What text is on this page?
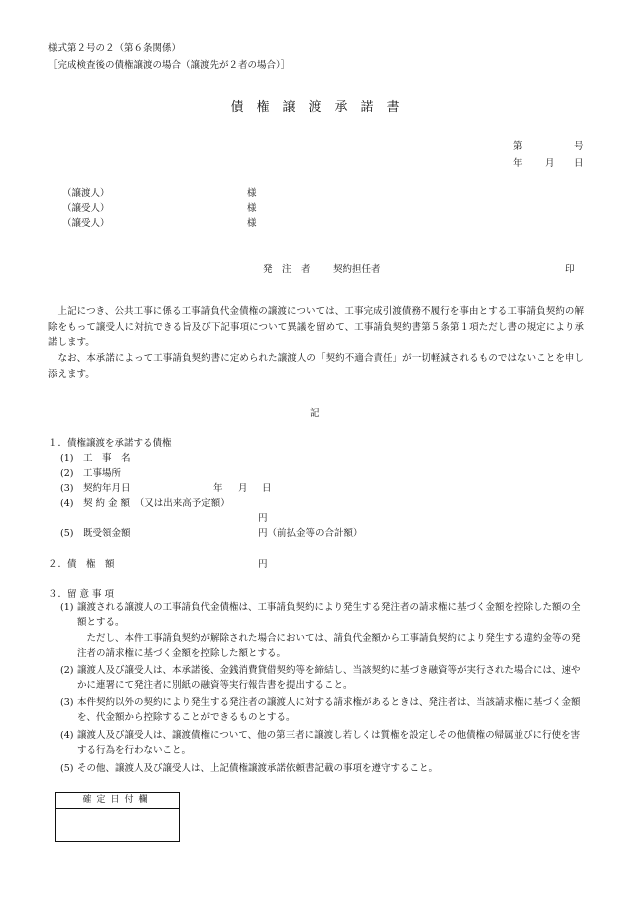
様式第２号の２（第６条関係）
［完成検査後の債権譲渡の場合（譲渡先が２者の場合）］
債　権　譲　渡　承　諾　書
第	号
年 月 日
（譲渡人）	様
（譲受人）	様
（譲受人）	様
発　注　者 契約担任者	印
上記につき、公共工事に係る工事請負代金債権の譲渡については、工事完成引渡債務不履行を事由とする工事請負契約の解除をもって譲受人に対抗できる旨及び下記事項について異議を留めて、工事請負契約書第５条第１項ただし書の規定により承諾します。
なお、本承諾によって工事請負契約書に定められた譲渡人の「契約不適合責任」が一切軽減されるものではないことを申し添えます。
記
１．債権譲渡を承諾する債権
(1)　工　事　名
(2)　工事場所
(3)　契約年月日	年 月 日
(4)　契 約 金 額　（又は出来高予定額）
円
(5)　既受領金額	円（前払金等の合計額）
２．債　権　額	円
３．留 意 事 項
(1) 譲渡される譲渡人の工事請負代金債権は、工事請負契約により発生する発注者の請求権に基づく金額を控除した額の全額とする。
ただし、本件工事請負契約が解除された場合においては、請負代金額から工事請負契約により発生する違約金等の発注者の請求権に基づく金額を控除した額とする。
(2) 譲渡人及び譲受人は、本承諾後、金銭消費貸借契約等を締結し、当該契約に基づき融資等が実行された場合には、速やかに連署にて発注者に別紙の融資等実行報告書を提出すること。
(3) 本件契約以外の契約により発生する発注者の譲渡人に対する請求権があるときは、発注者は、当該請求権に基づく金額を、代金額から控除することができるものとする。
(4) 譲渡人及び譲受人は、譲渡債権について、他の第三者に譲渡し若しくは質権を設定しその他債権の帰属並びに行使を害する行為を行わないこと。
(5) その他、譲渡人及び譲受人は、上記債権譲渡承諾依頼書記載の事項を遵守すること。
確定日付欄
